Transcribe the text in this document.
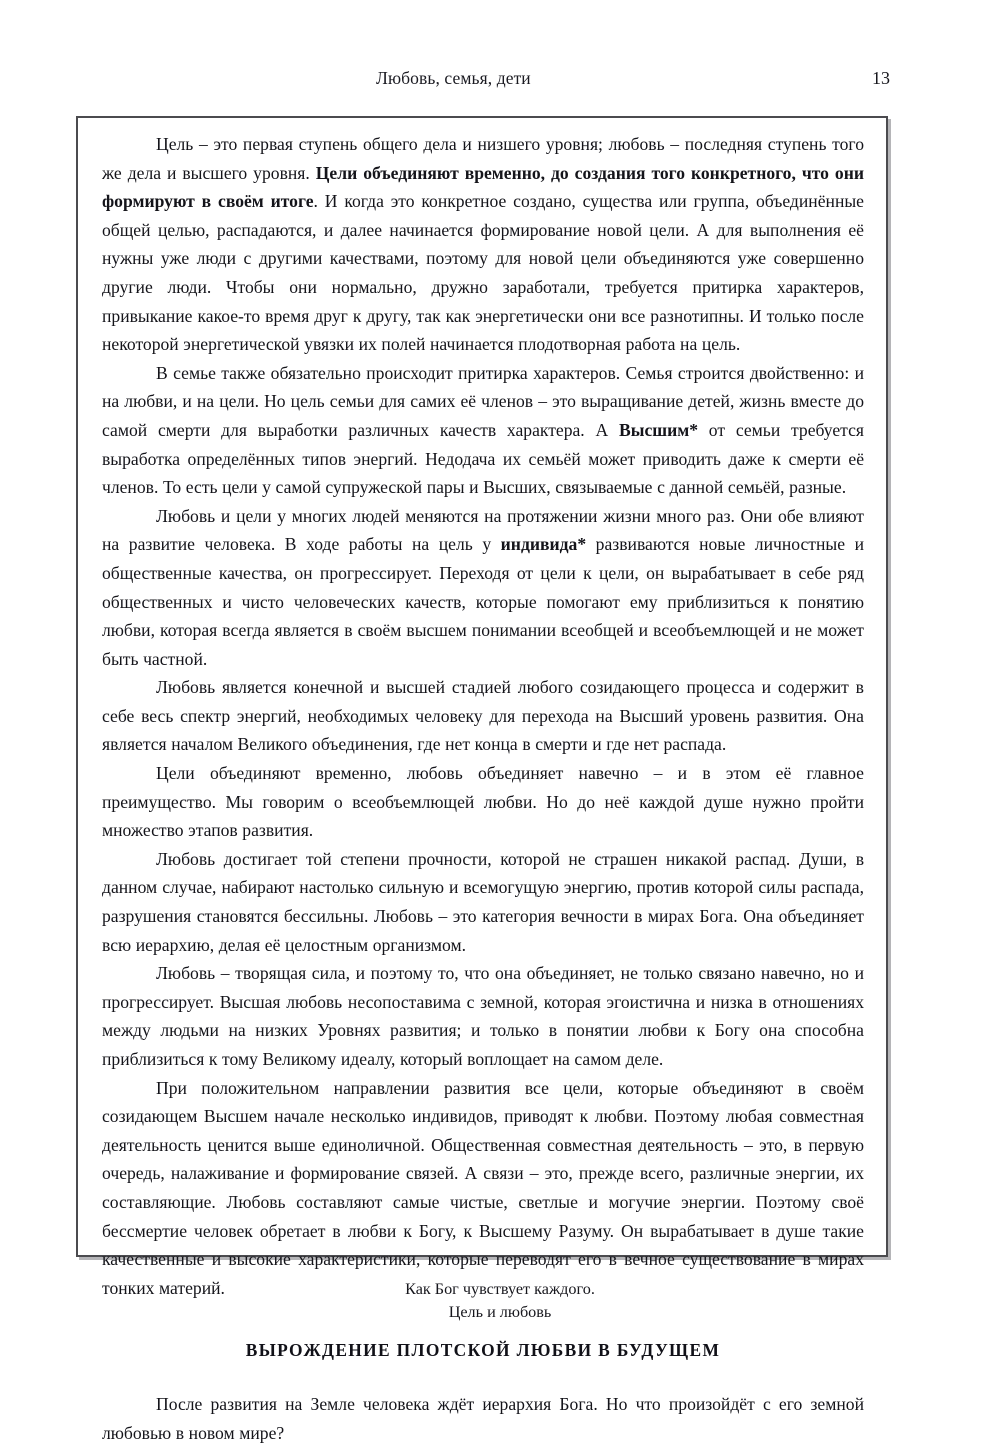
Любовь, семья, дети	13

Цель – это первая ступень общего дела и низшего уровня; любовь – последняя ступень того же дела и высшего уровня. Цели объединяют временно, до создания того конкретного, что они формируют в своём итоге. И когда это конкретное создано, существа или группа, объединённые общей целью, распадаются, и далее начинается формирование новой цели. А для выполнения её нужны уже люди с другими качествами, поэтому для новой цели объединяются уже совершенно другие люди. Чтобы они нормально, дружно заработали, требуется притирка характеров, привыкание какое-то время друг к другу, так как энергетически они все разнотипны. И только после некоторой энергетической увязки их полей начинается плодотворная работа на цель.

В семье также обязательно происходит притирка характеров. Семья строится двойственно: и на любви, и на цели. Но цель семьи для самих её членов – это выращивание детей, жизнь вместе до самой смерти для выработки различных качеств характера. А Высшим* от семьи требуется выработка определённых типов энергий. Недодача их семьёй может приводить даже к смерти её членов. То есть цели у самой супружеской пары и Высших, связываемые с данной семьёй, разные.

Любовь и цели у многих людей меняются на протяжении жизни много раз. Они обе влияют на развитие человека. В ходе работы на цель у индивида* развиваются новые личностные и общественные качества, он прогрессирует. Переходя от цели к цели, он вырабатывает в себе ряд общественных и чисто человеческих качеств, которые помогают ему приблизиться к понятию любви, которая всегда является в своём высшем понимании всеобщей и всеобъемлющей и не может быть частной.

Любовь является конечной и высшей стадией любого созидающего процесса и содержит в себе весь спектр энергий, необходимых человеку для перехода на Высший уровень развития. Она является началом Великого объединения, где нет конца в смерти и где нет распада.

Цели объединяют временно, любовь объединяет навечно – и в этом её главное преимущество. Мы говорим о всеобъемлющей любви. Но до неё каждой душе нужно пройти множество этапов развития.

Любовь достигает той степени прочности, которой не страшен никакой распад. Души, в данном случае, набирают настолько сильную и всемогущую энергию, против которой силы распада, разрушения становятся бессильны. Любовь – это категория вечности в мирах Бога. Она объединяет всю иерархию, делая её целостным организмом.

Любовь – творящая сила, и поэтому то, что она объединяет, не только связано навечно, но и прогрессирует. Высшая любовь несопоставима с земной, которая эгоистична и низка в отношениях между людьми на низких Уровнях развития; и только в понятии любви к Богу она способна приблизиться к тому Великому идеалу, который воплощает на самом деле.

При положительном направлении развития все цели, которые объединяют в своём созидающем Высшем начале несколько индивидов, приводят к любви. Поэтому любая совместная деятельность ценится выше единоличной. Общественная совместная деятельность – это, в первую очередь, налаживание и формирование связей. А связи – это, прежде всего, различные энергии, их составляющие. Любовь составляют самые чистые, светлые и могучие энергии. Поэтому своё бессмертие человек обретает в любви к Богу, к Высшему Разуму. Он вырабатывает в душе такие качественные и высокие характеристики, которые переводят его в вечное существование в мирах тонких материй.

ВЫРОЖДЕНИЕ ПЛОТСКОЙ ЛЮБВИ В БУДУЩЕМ

После развития на Земле человека ждёт иерархия Бога. Но что произойдёт с его земной любовью в новом мире?

Как Бог чувствует каждого.
Цель и любовь
